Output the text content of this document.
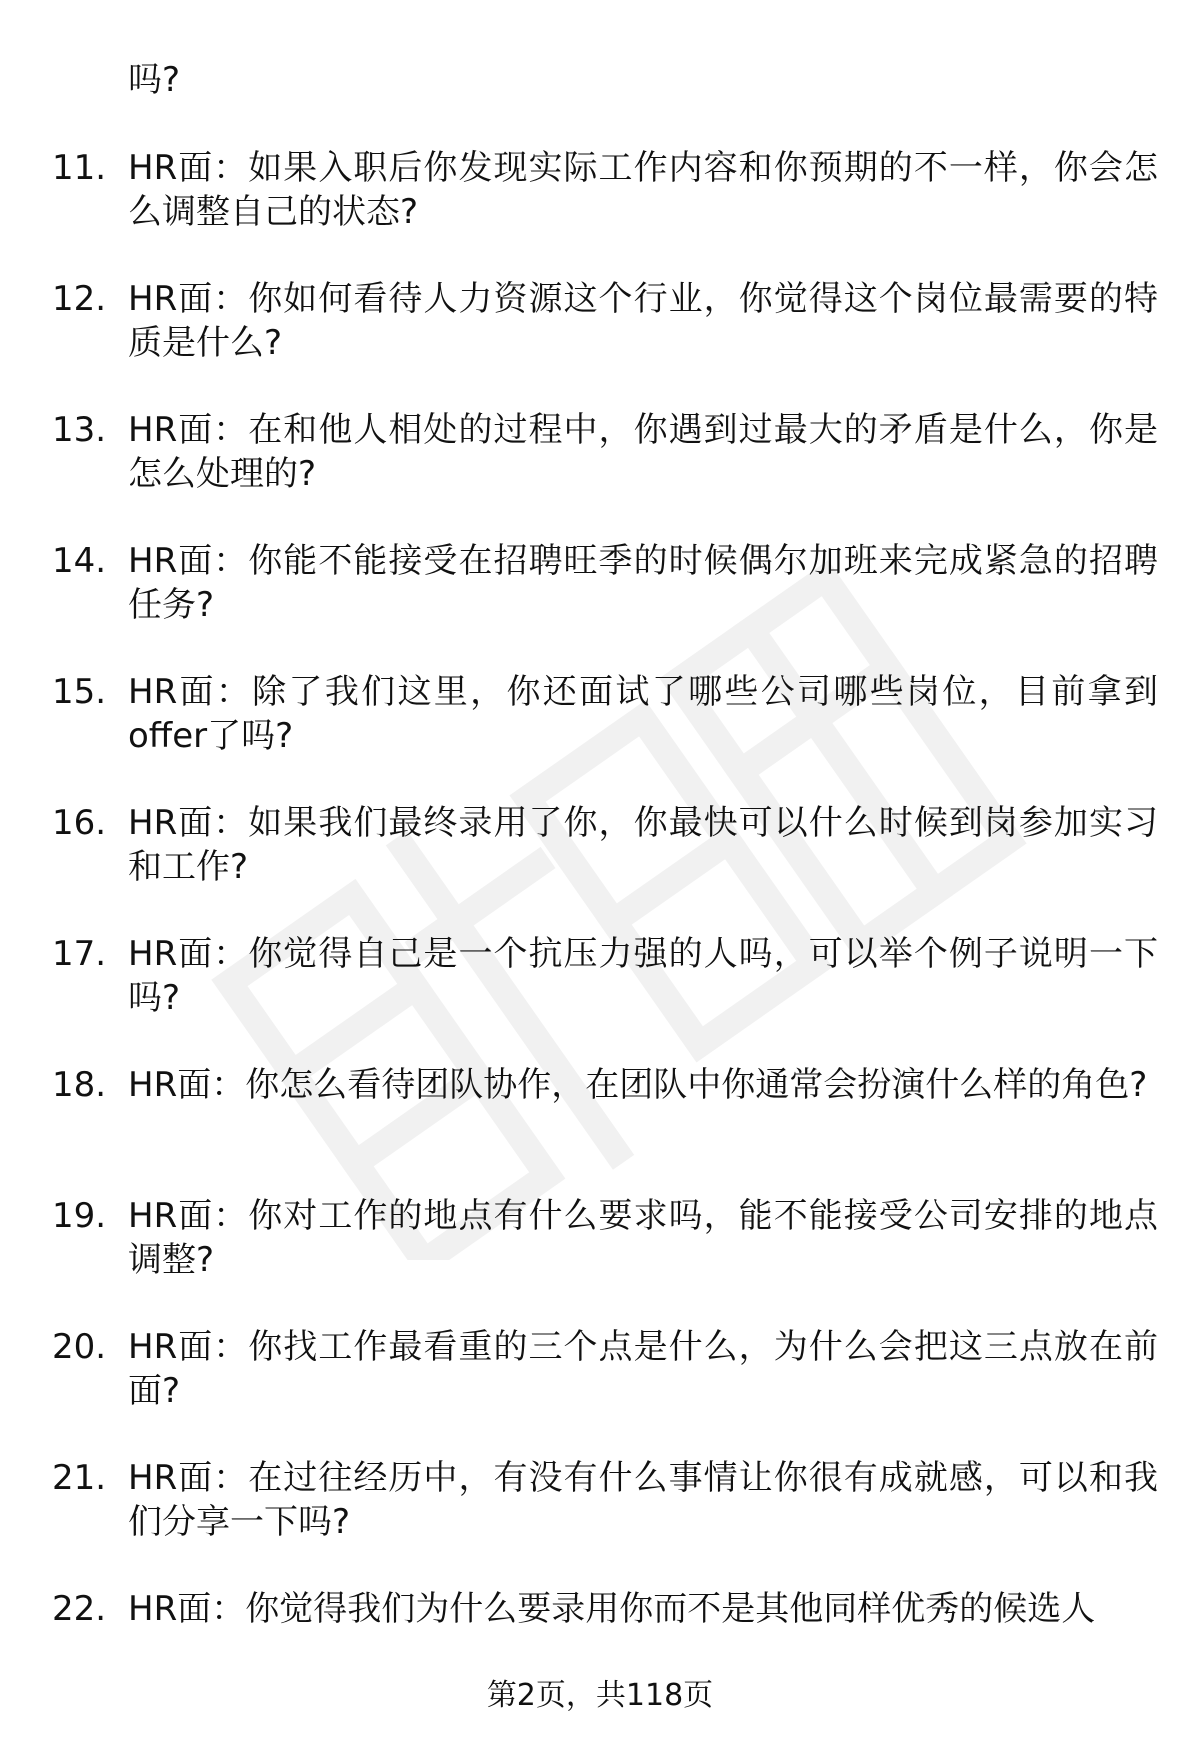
吗?

11. HR面：如果入职后你发现实际工作内容和你预期的不一样，你会怎么调整自己的状态?

12. HR面：你如何看待人力资源这个行业，你觉得这个岗位最需要的特质是什么?

13. HR面：在和他人相处的过程中，你遇到过最大的矛盾是什么，你是怎么处理的?

14. HR面：你能不能接受在招聘旺季的时候偶尔加班来完成紧急的招聘任务?

15. HR面：除了我们这里，你还面试了哪些公司哪些岗位，目前拿到offer了吗?

16. HR面：如果我们最终录用了你，你最快可以什么时候到岗参加实习和工作?

17. HR面：你觉得自己是一个抗压力强的人吗，可以举个例子说明一下吗?

18. HR面：你怎么看待团队协作，在团队中你通常会扮演什么样的角色?

19. HR面：你对工作的地点有什么要求吗，能不能接受公司安排的地点调整?

20. HR面：你找工作最看重的三个点是什么，为什么会把这三点放在前面?

21. HR面：在过往经历中，有没有什么事情让你很有成就感，可以和我们分享一下吗?

22. HR面：你觉得我们为什么要录用你而不是其他同样优秀的候选人

第2页，共118页
